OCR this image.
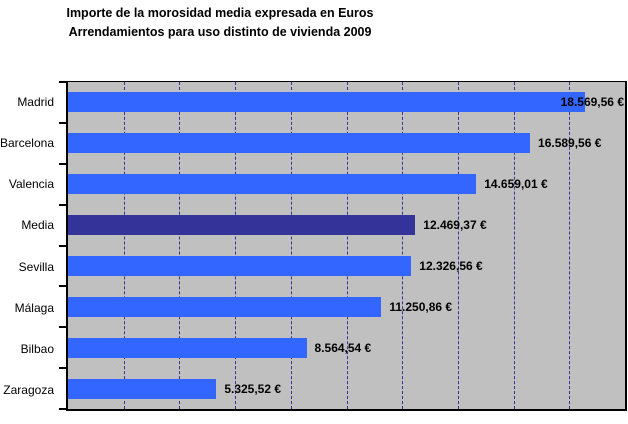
Importe de la morosidad media expresada en Euros
Arrendamientos para uso distinto de vivienda 2009
Madrid
Barcelona
Valencia
Media
Sevilla
Málaga
Bilbao
Zaragoza
18.569,56 €
16.589,56 €
14.659,01 €
12.469,37 €
12.326,56 €
11.250,86 €
8.564,54 €
5.325,52 €
